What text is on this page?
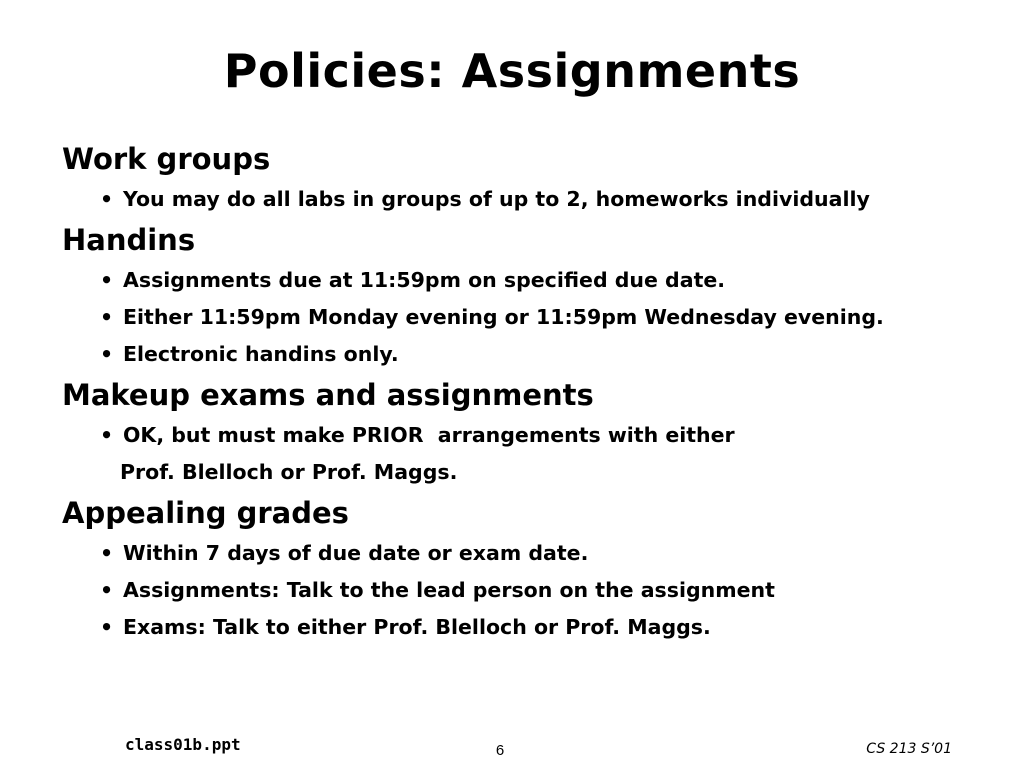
Policies: Assignments
Work groups
• You may do all labs in groups of up to 2, homeworks individually
Handins
• Assignments due at 11:59pm on specified due date.
• Either 11:59pm Monday evening or 11:59pm Wednesday evening.
• Electronic handins only.
Makeup exams and assignments
• OK, but must make PRIOR  arrangements with either
Prof. Blelloch or Prof. Maggs.
Appealing grades
• Within 7 days of due date or exam date.
• Assignments: Talk to the lead person on the assignment
• Exams: Talk to either Prof. Blelloch or Prof. Maggs.
class01b.ppt	6	CS 213 S’01
